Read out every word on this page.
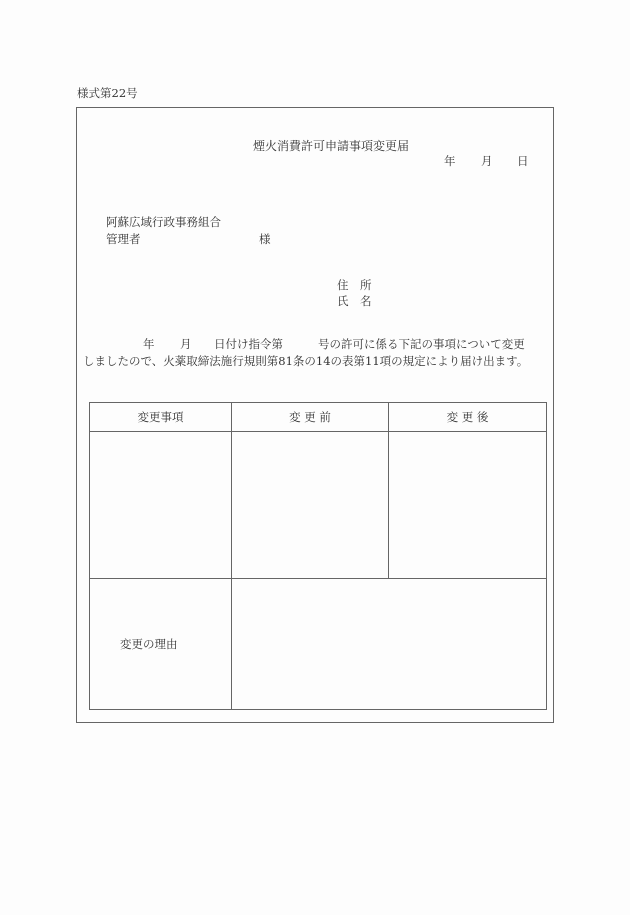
様式第22号
煙火消費許可申請事項変更届
年 月 日
阿蘇広域行政事務組合
管理者	様
住　所
氏　名
年 月 日付け指令第	号の許可に係る下記の事項について変更
しましたので、火薬取締法施行規則第81条の14の表第11項の規定により届け出ます。
変更事項	変 更 前	変 更 後

変更の理由		
